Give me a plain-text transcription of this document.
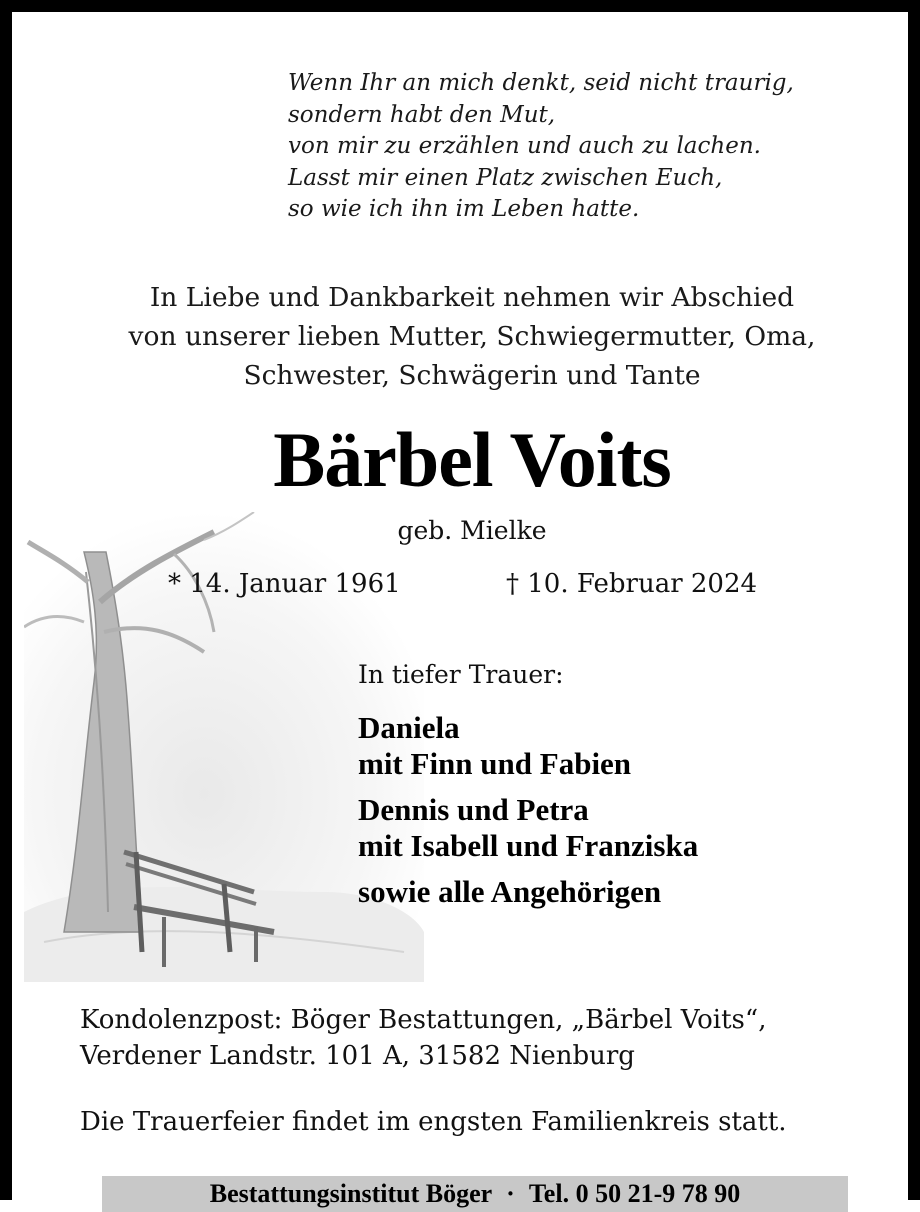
Wenn Ihr an mich denkt, seid nicht traurig,
sondern habt den Mut,
von mir zu erzählen und auch zu lachen.
Lasst mir einen Platz zwischen Euch,
so wie ich ihn im Leben hatte.
In Liebe und Dankbarkeit nehmen wir Abschied
von unserer lieben Mutter, Schwiegermutter, Oma,
Schwester, Schwägerin und Tante
Bärbel Voits
geb. Mielke
* 14. Januar 1961	† 10. Februar 2024
In tiefer Trauer:
Daniela
mit Finn und Fabien
Dennis und Petra
mit Isabell und Franziska
sowie alle Angehörigen
Kondolenzpost: Böger Bestattungen, „Bärbel Voits“,
Verdener Landstr. 101 A, 31582 Nienburg
Die Trauerfeier findet im engsten Familienkreis statt.
Bestattungsinstitut Böger · Tel. 0 50 21-9 78 90
